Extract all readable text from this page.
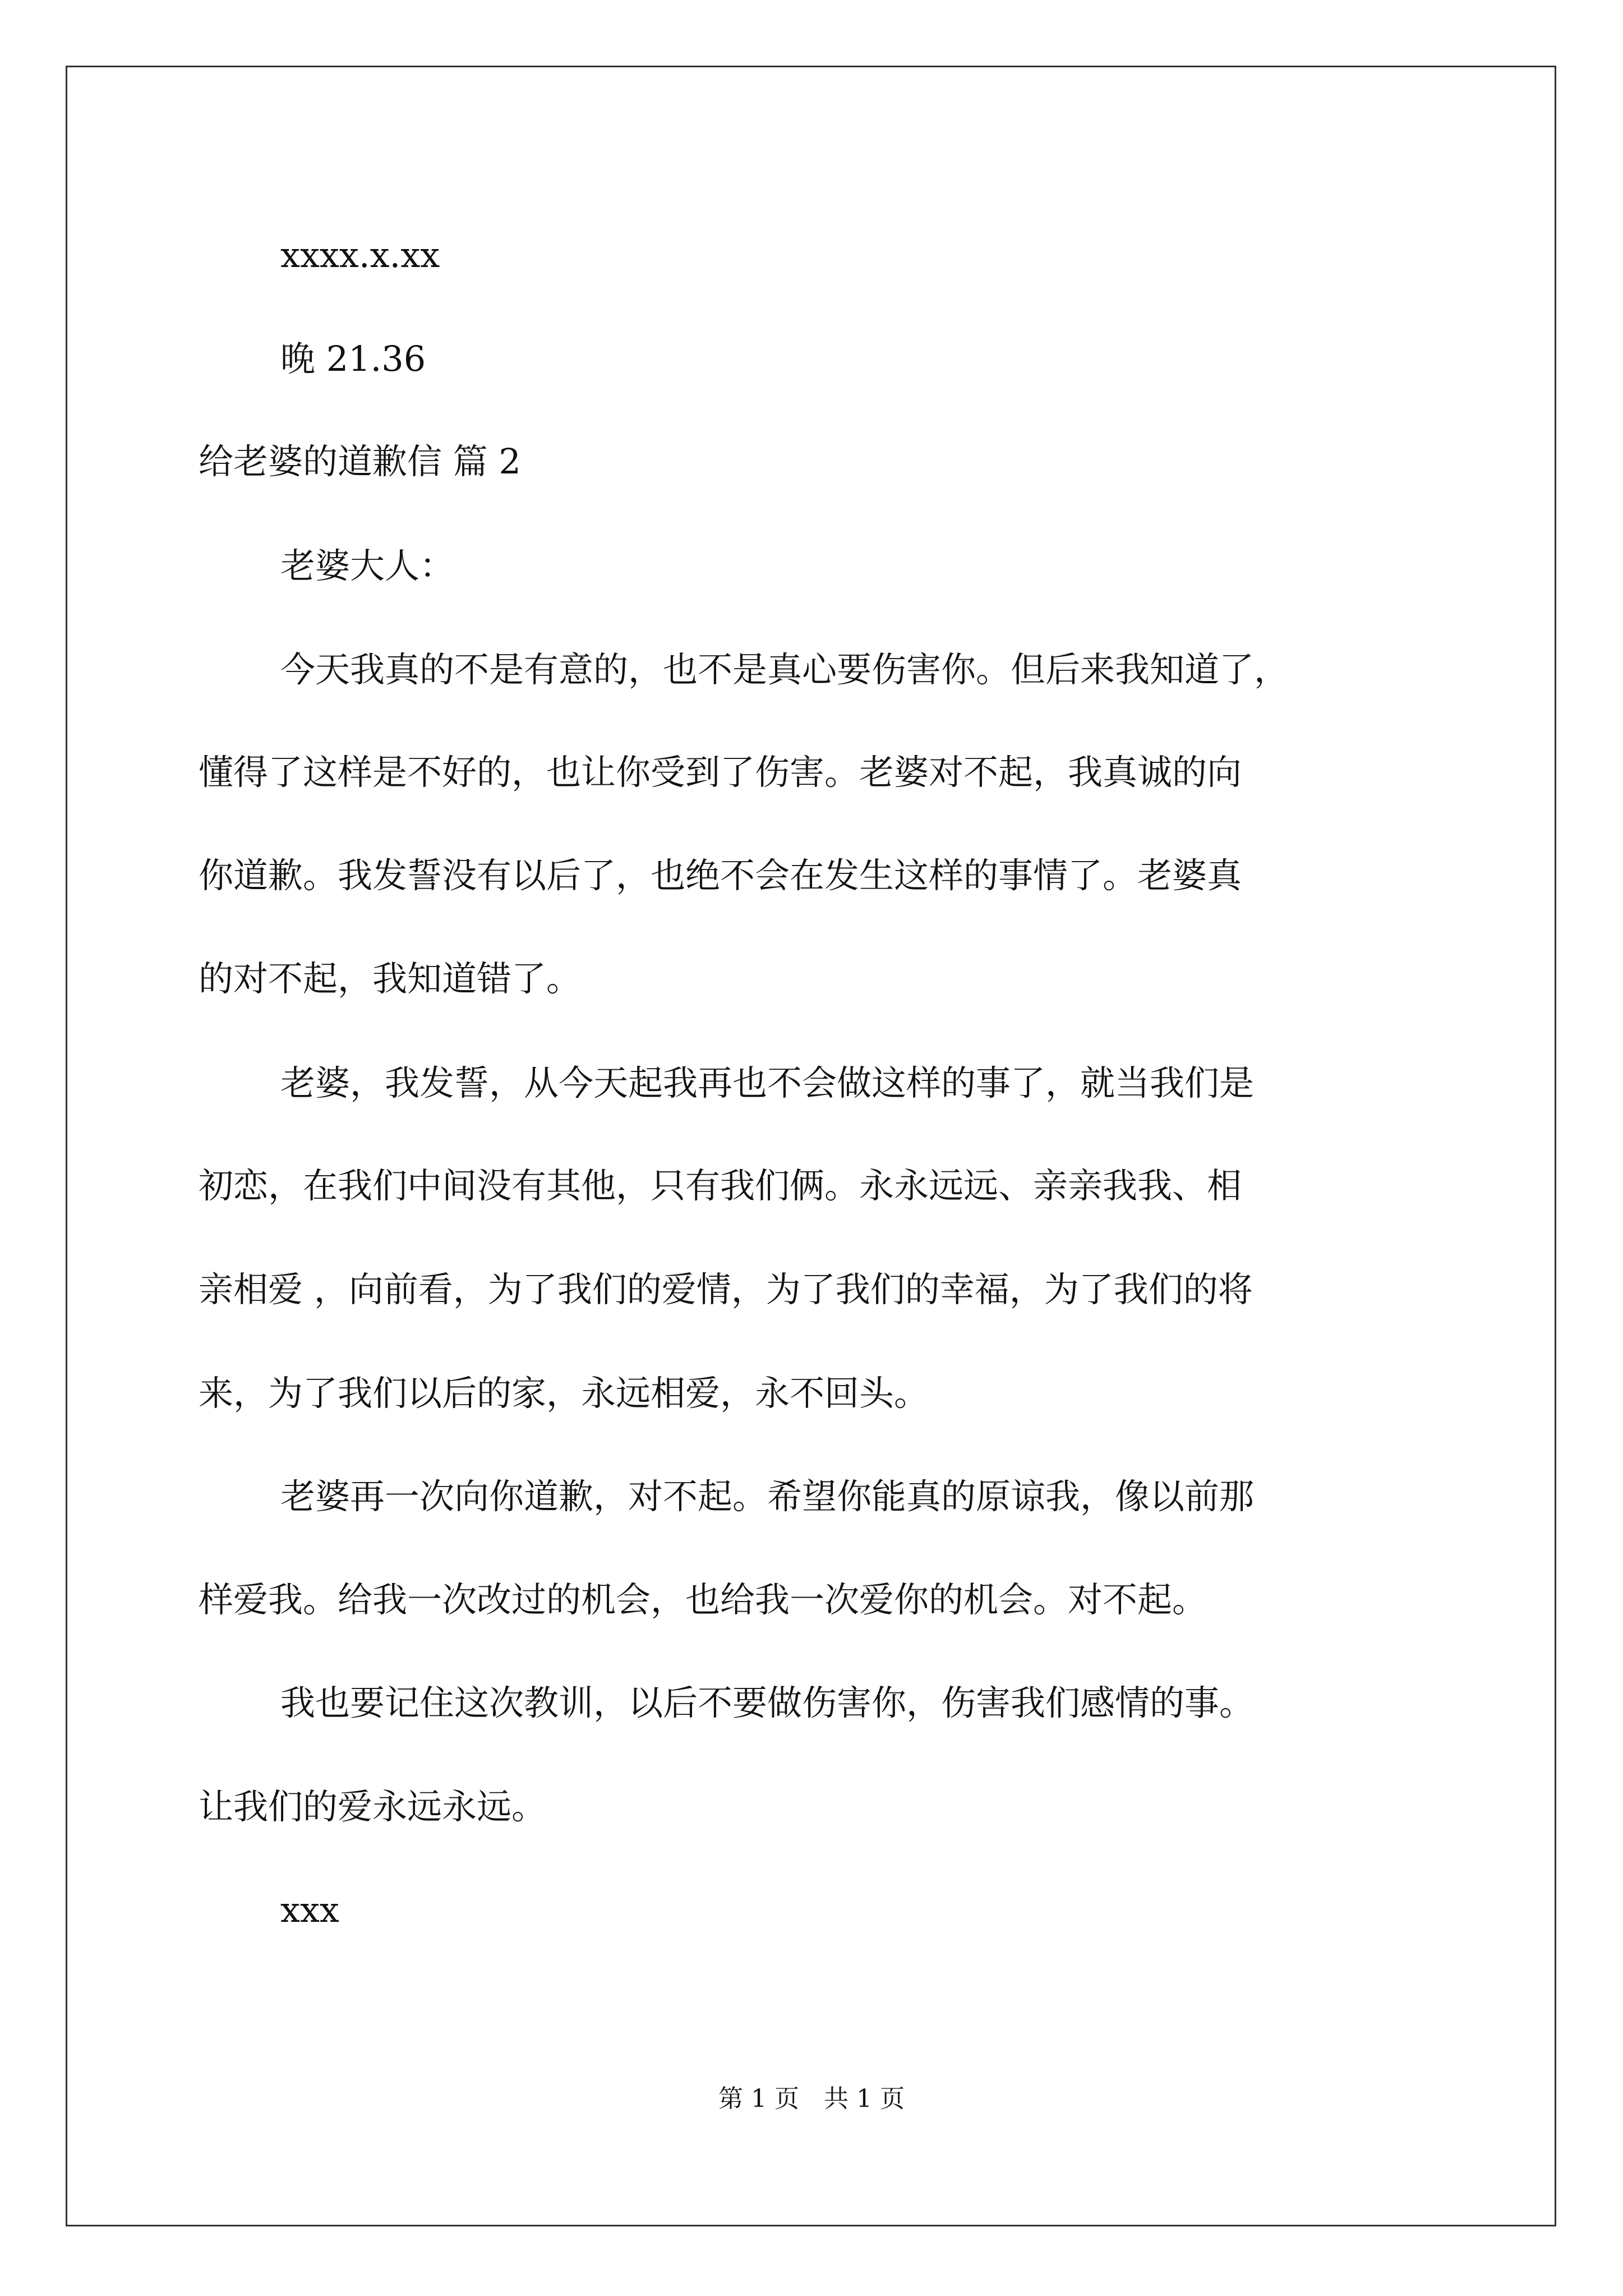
xxxx.x.xx

晚 21.36

给老婆的道歉信 篇 2

老婆大人：

今天我真的不是有意的，也不是真心要伤害你。但后来我知道了，

懂得了这样是不好的，也让你受到了伤害。老婆对不起，我真诚的向

你道歉。我发誓没有以后了，也绝不会在发生这样的事情了。老婆真

的对不起，我知道错了。

老婆，我发誓，从今天起我再也不会做这样的事了，就当我们是

初恋，在我们中间没有其他，只有我们俩。永永远远、亲亲我我、相

亲相爱 ，向前看，为了我们的爱情，为了我们的幸福，为了我们的将

来，为了我们以后的家，永远相爱，永不回头。

老婆再一次向你道歉，对不起。希望你能真的原谅我，像以前那

样爱我。给我一次改过的机会，也给我一次爱你的机会。对不起。

我也要记住这次教训，以后不要做伤害你，伤害我们感情的事。

让我们的爱永远永远。

xxx

第 1 页 共 1 页
